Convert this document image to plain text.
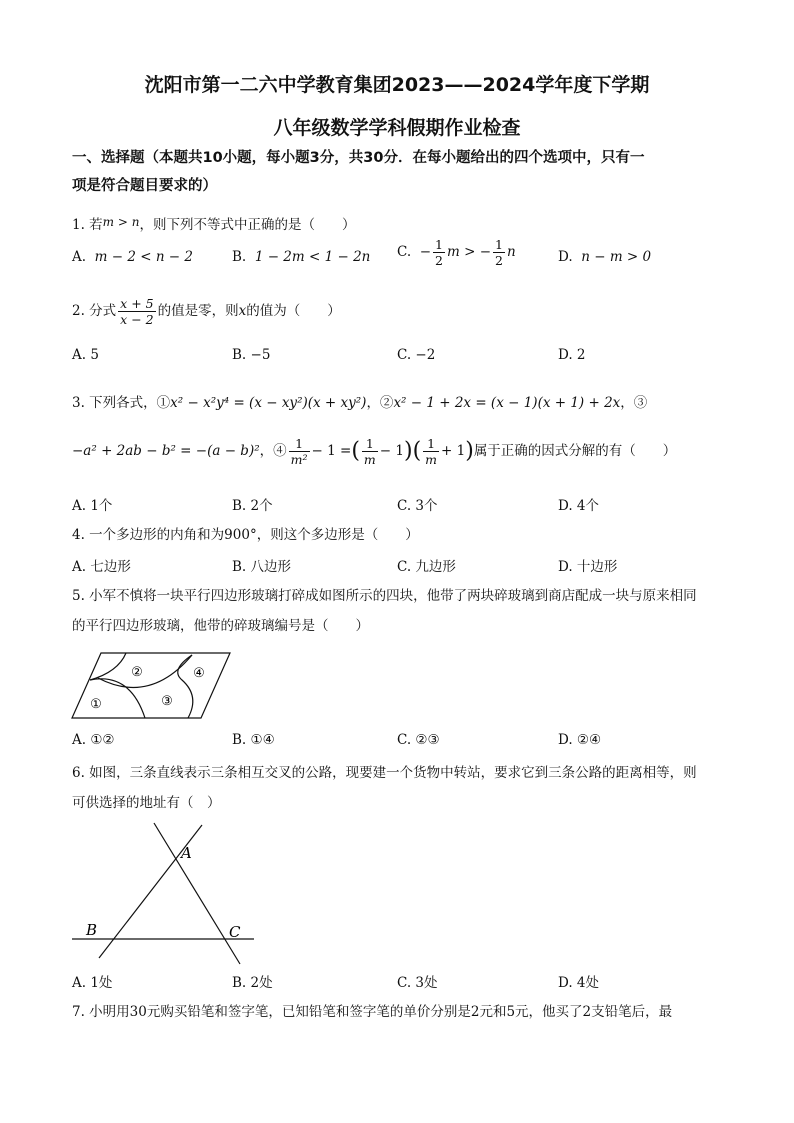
沈阳市第一二六中学教育集团2023——2024学年度下学期
八年级数学学科假期作业检查
一、选择题（本题共10小题，每小题3分，共30分．在每小题给出的四个选项中，只有一
项是符合题目要求的）
1. 若m > n，则下列不等式中正确的是（　　）
A. m − 2 < n − 2	B. 1 − 2m < 1 − 2n C. − $\frac{1}{2}$ m > − $\frac{1}{2}$ n	D. n − m > 0
2. 分式 $\frac{x + 5}{x - 2}$ 的值是零，则x的值为（　　）
A. 5	B. −5	C. −2	D. 2
3. 下列各式，①x² − x²y⁴ = (x − xy²)(x + xy²)，②x² − 1 + 2x = (x − 1)(x + 1) + 2x，③
−a² + 2ab − b² = −(a − b)²，④ $\frac{1}{\text{m²}} - 1$ =( $\frac{1}{m} - 1)( \frac{1}{m} + 1)$属于正确的因式分解的有（　　）
A. 1个	B. 2个	C. 3个	D. 4个
4. 一个多边形的内角和为900°，则这个多边形是（　　）
A. 七边形	B. 八边形	C. 九边形	D. 十边形
5. 小军不慎将一块平行四边形玻璃打碎成如图所示的四块，他带了两块碎玻璃到商店配成一块与原来相同
的平行四边形玻璃，他带的碎玻璃编号是（　　）
①
②
③
④
A. ①②	B. ①④	C. ②③	D. ②④
6. 如图，三条直线表示三条相互交叉的公路，现要建一个货物中转站，要求它到三条公路的距离相等，则
可供选择的地址有（　）
A
B	C
A. 1处	B. 2处	C. 3处	D. 4处
7. 小明用30元购买铅笔和签字笔，已知铅笔和签字笔的单价分别是2元和5元，他买了2支铅笔后，最
